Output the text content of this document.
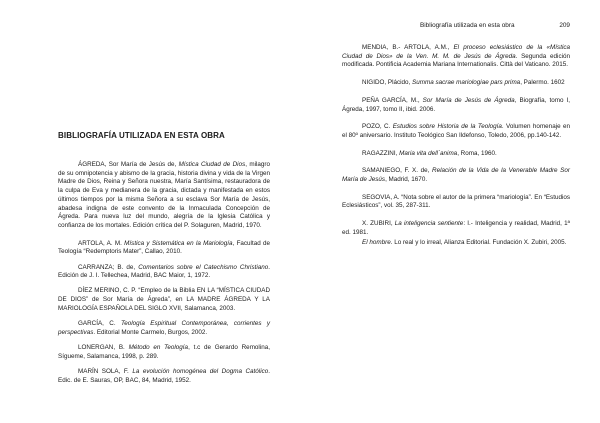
Bibliografía utilizada en esta obra	209
BIBLIOGRAFÍA UTILIZADA EN ESTA OBRA

ÁGREDA, Sor María de Jesús de, Mística Ciudad de Dios, milagro de su omnipotencia y abismo de la gracia, historia divina y vida de la Virgen Madre de Dios, Reina y Señora nuestra, María Santísima, restauradora de la culpa de Eva y medianera de la gracia, dictada y manifestada en estos últimos tiempos por la misma Señora a su esclava Sor María de Jesús, abadesa indigna de este convento de la Inmaculada Concepción de Ágreda. Para nueva luz del mundo, alegría de la Iglesia Católica y confianza de los mortales. Edición crítica del P. Solaguren, Madrid, 1970.

ARTOLA, A. M. Mística y Sistemática en la Mariología, Facultad de Teología “Redemptoris Mater”, Callao, 2010.

CARRANZA; B. de, Comentarios sobre el Catechismo Christiano. Edición de J. I. Tellechea, Madrid, BAC Maior, 1, 1972.

DÍEZ MERINO, C. P. “Empleo de la Biblia EN LA “MÍSTICA CIUDAD DE DIOS” de Sor María de Ágreda”, en LA MADRE ÁGREDA Y LA MARIOLOGÍA ESPAÑOLA DEL SIGLO XVII, Salamanca, 2003.

GARCÍA, C. Teología Espiritual Contemporánea, corrientes y perspectivas. Editorial Monte Carmelo, Burgos, 2002.

LONERGAN, B. Método en Teología, t.c de Gerardo Remolina, Sígueme, Salamanca, 1998, p. 289.

MARÍN SOLA, F. La evolución homogénea del Dogma Católico. Edic. de E. Sauras, OP, BAC, 84, Madrid, 1952.

MENDIA, B.- ARTOLA, A.M., El proceso eclesiástico de la «Mística Ciudad de Dios» de la Ven. M. M. de Jesús de Ágreda. Segunda edición modificada. Pontificia Academia Mariana Internationalis. Città del Vaticano. 2015.

NIGIDO, Plácido, Summa sacrae mariologiae pars prima, Palermo. 1602

PEÑA GARCÍA, M., Sor María de Jesús de Ágreda, Biografía, tomo I, Ágreda, 1997, tomo II, ibid. 2006.

POZO, C. Estudios sobre Historia de la Teología. Volumen homenaje en el 80º aniversario. Instituto Teológico San Ildefonso, Toledo, 2006, pp.140-142.

RAGAZZINI, Maria vita dell´anima, Roma, 1960.

SAMANIEGO, F. X. de, Relación de la Vida de la Venerable Madre Sor María de Jesús, Madrid, 1670.

SEGOVIA, A. “Nota sobre el autor de la primera “mariología”. En “Estudios Eclesiásticos”, vol. 35, 287-311.

X. ZUBIRI, La inteligencia sentiente: I.- Inteligencia y realidad, Madrid, 1ª ed. 1981.

El hombre. Lo real y lo irreal, Alianza Editorial. Fundación X. Zubiri, 2005.
